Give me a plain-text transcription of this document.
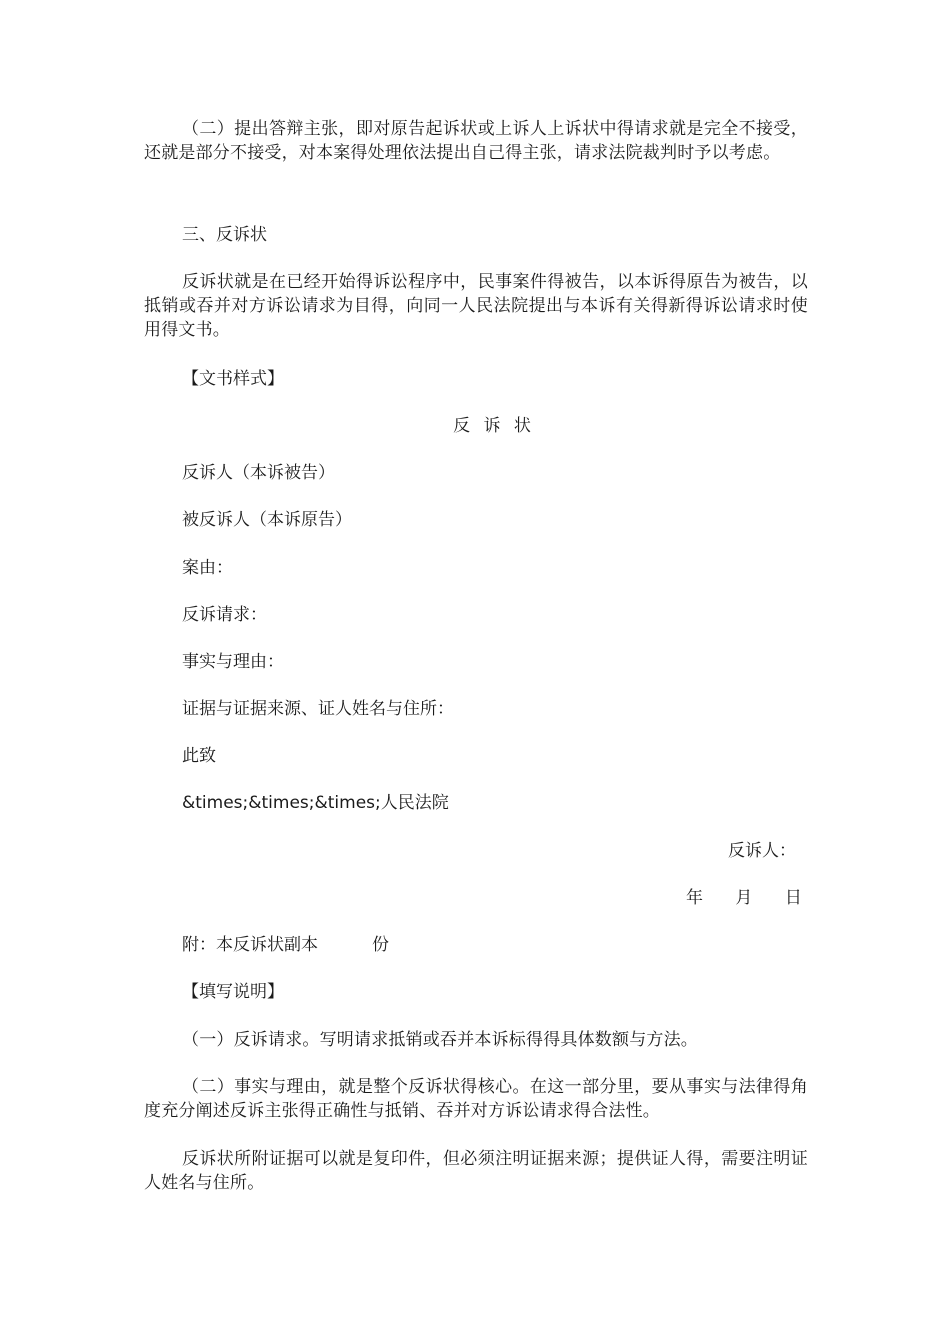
（二）提出答辩主张，即对原告起诉状或上诉人上诉状中得请求就是完全不接受，还就是部分不接受，对本案得处理依法提出自己得主张，请求法院裁判时予以考虑。

三、反诉状

反诉状就是在已经开始得诉讼程序中，民事案件得被告，以本诉得原告为被告，以抵销或吞并对方诉讼请求为目得，向同一人民法院提出与本诉有关得新得诉讼请求时使用得文书。

【文书样式】
反 诉 状
反诉人（本诉被告）
被反诉人（本诉原告）
案由：
反诉请求：
事实与理由：
证据与证据来源、证人姓名与住所：
此致
&times;&times;&times;人民法院
反诉人：
年      月      日
附：本反诉状副本          份
【填写说明】

（一）反诉请求。写明请求抵销或吞并本诉标得得具体数额与方法。

（二）事实与理由，就是整个反诉状得核心。在这一部分里，要从事实与法律得角度充分阐述反诉主张得正确性与抵销、吞并对方诉讼请求得合法性。

反诉状所附证据可以就是复印件，但必须注明证据来源；提供证人得，需要注明证人姓名与住所。
